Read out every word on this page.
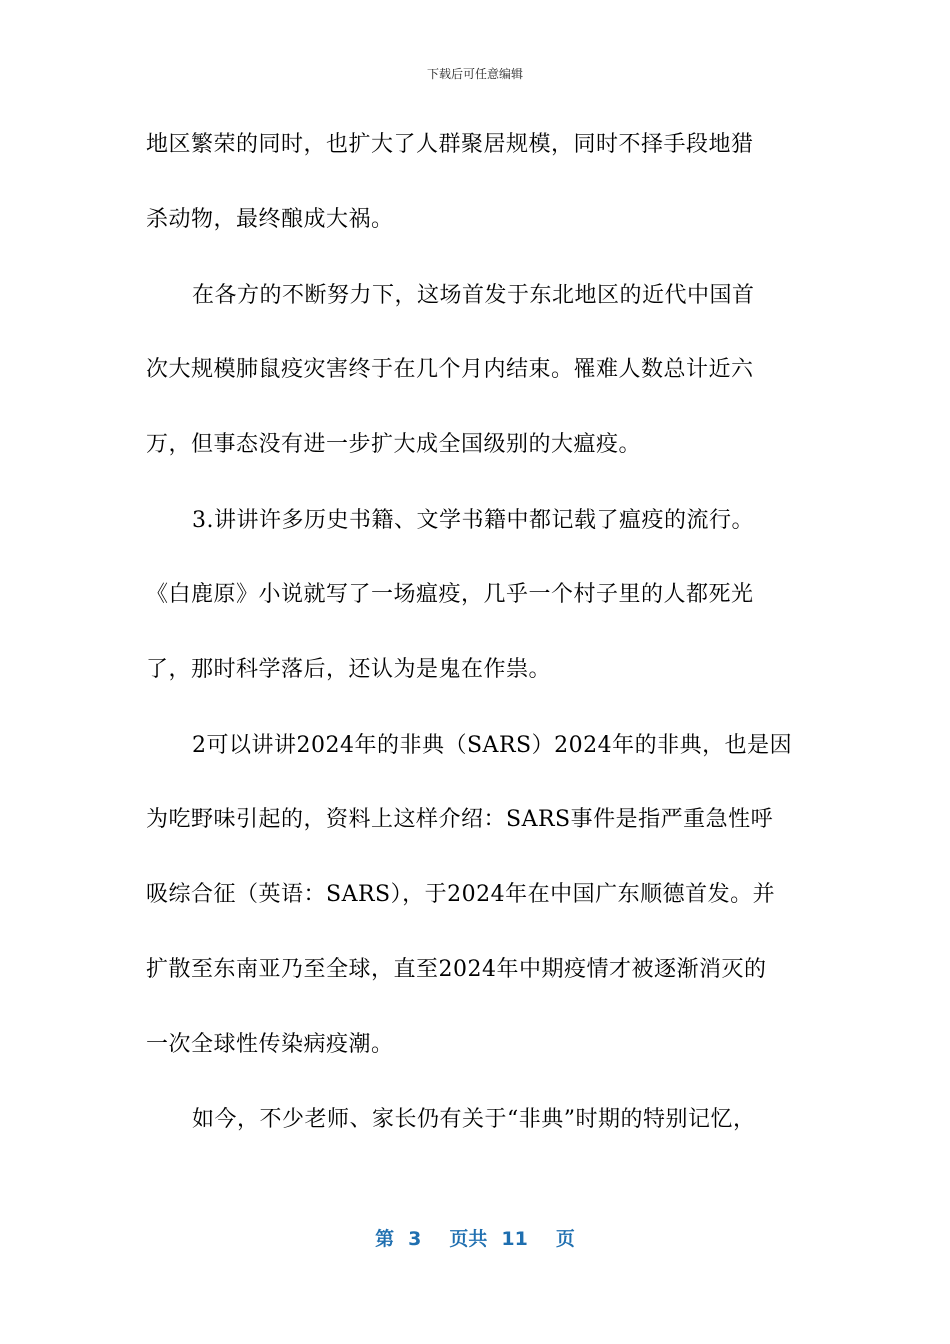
下载后可任意编辑
地区繁荣的同时，也扩大了人群聚居规模，同时不择手段地猎
杀动物，最终酿成大祸。
在各方的不断努力下，这场首发于东北地区的近代中国首
次大规模肺鼠疫灾害终于在几个月内结束。罹难人数总计近六
万，但事态没有进一步扩大成全国级别的大瘟疫。
3.讲讲许多历史书籍、文学书籍中都记载了瘟疫的流行。
《白鹿原》小说就写了一场瘟疫，几乎一个村子里的人都死光
了，那时科学落后，还认为是鬼在作祟。
2可以讲讲2024年的非典（SARS）2024年的非典，也是因
为吃野味引起的，资料上这样介绍：SARS事件是指严重急性呼
吸综合征（英语：SARS），于2024年在中国广东顺德首发。并
扩散至东南亚乃至全球，直至2024年中期疫情才被逐渐消灭的
一次全球性传染病疫潮。
如今，不少老师、家长仍有关于“非典”时期的特别记忆，
第 3 页共 11 页
